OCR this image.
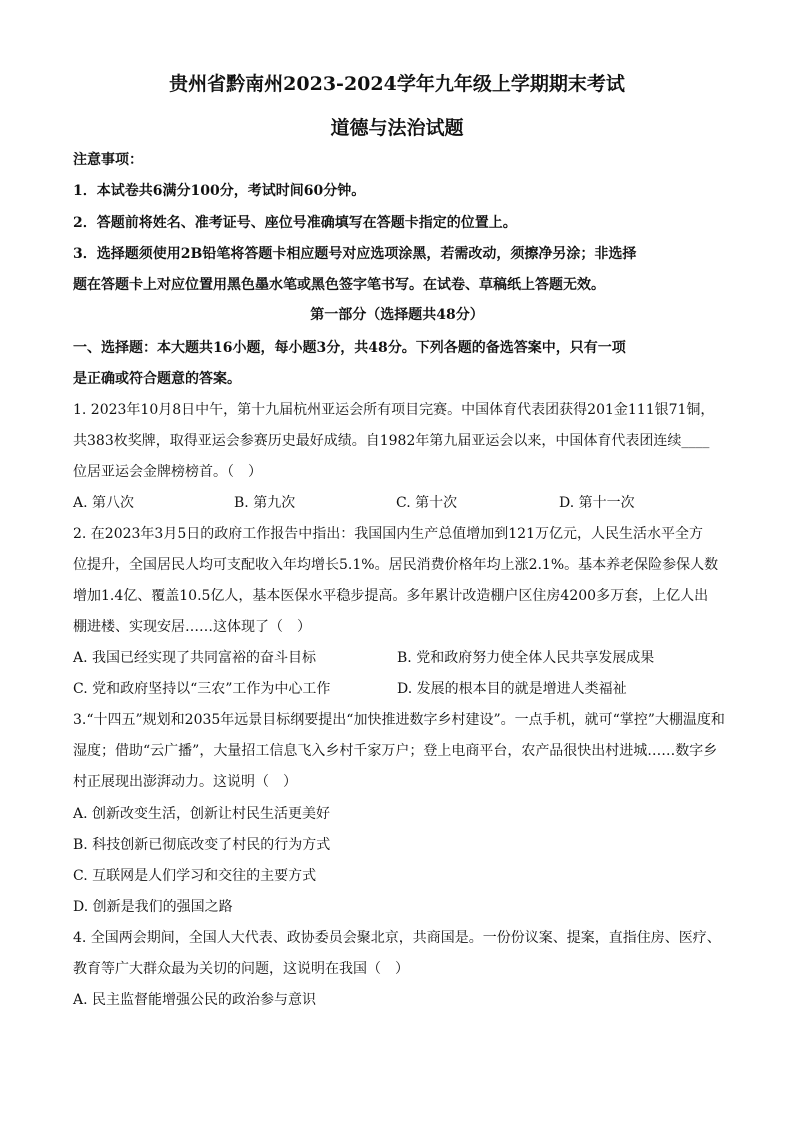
贵州省黔南州2023-2024学年九年级上学期期末考试
道德与法治试题
注意事项：
1．本试卷共6满分100分，考试时间60分钟。
2．答题前将姓名、准考证号、座位号准确填写在答题卡指定的位置上。
3．选择题须使用2B铅笔将答题卡相应题号对应选项涂黑，若需改动，须擦净另涂；非选择
题在答题卡上对应位置用黑色墨水笔或黑色签字笔书写。在试卷、草稿纸上答题无效。
第一部分（选择题共48分）
一、选择题：本大题共16小题，每小题3分，共48分。下列各题的备选答案中，只有一项
是正确或符合题意的答案。
1. 2023年10月8日中午，第十九届杭州亚运会所有项目完赛。中国体育代表团获得201金111银71铜，
共383枚奖牌，取得亚运会参赛历史最好成绩。自1982年第九届亚运会以来，中国体育代表团连续____
位居亚运会金牌榜榜首。（　）
A. 第八次	B. 第九次	C. 第十次	D. 第十一次
2. 在2023年3月5日的政府工作报告中指出：我国国内生产总值增加到121万亿元，人民生活水平全方
位提升，全国居民人均可支配收入年均增长5.1%。居民消费价格年均上涨2.1%。基本养老保险参保人数
增加1.4亿、覆盖10.5亿人，基本医保水平稳步提高。多年累计改造棚户区住房4200多万套，上亿人出
棚进楼、实现安居……这体现了（　）
A. 我国已经实现了共同富裕的奋斗目标	B. 党和政府努力使全体人民共享发展成果
C. 党和政府坚持以“三农”工作为中心工作	D. 发展的根本目的就是增进人类福祉
3.“十四五”规划和2035年远景目标纲要提出“加快推进数字乡村建设”。一点手机，就可“掌控”大棚温度和
湿度；借助“云广播”，大量招工信息飞入乡村千家万户；登上电商平台，农产品很快出村进城……数字乡
村正展现出澎湃动力。这说明（　）
A. 创新改变生活，创新让村民生活更美好
B. 科技创新已彻底改变了村民的行为方式
C. 互联网是人们学习和交往的主要方式
D. 创新是我们的强国之路
4. 全国两会期间，全国人大代表、政协委员会聚北京，共商国是。一份份议案、提案，直指住房、医疗、
教育等广大群众最为关切的问题，这说明在我国（　）
A. 民主监督能增强公民的政治参与意识
